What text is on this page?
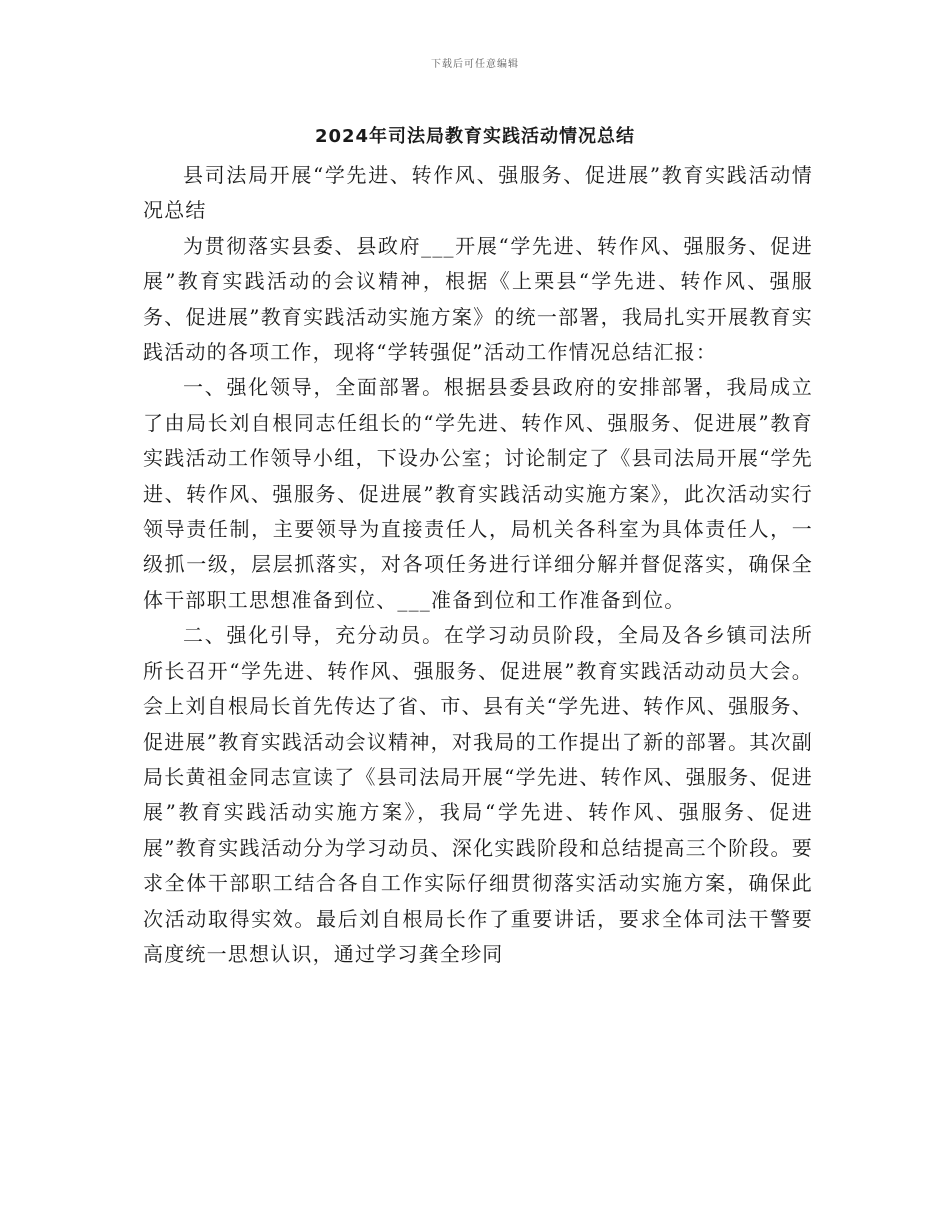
下载后可任意编辑
2024年司法局教育实践活动情况总结

县司法局开展“学先进、转作风、强服务、促进展”教育实践活动情况总结

为贯彻落实县委、县政府___开展“学先进、转作风、强服务、促进展”教育实践活动的会议精神，根据《上栗县“学先进、转作风、强服务、促进展”教育实践活动实施方案》的统一部署，我局扎实开展教育实践活动的各项工作，现将“学转强促”活动工作情况总结汇报：

一、强化领导，全面部署。根据县委县政府的安排部署，我局成立了由局长刘自根同志任组长的“学先进、转作风、强服务、促进展”教育实践活动工作领导小组，下设办公室；讨论制定了《县司法局开展“学先进、转作风、强服务、促进展”教育实践活动实施方案》，此次活动实行领导责任制，主要领导为直接责任人，局机关各科室为具体责任人，一级抓一级，层层抓落实，对各项任务进行详细分解并督促落实，确保全体干部职工思想准备到位、___准备到位和工作准备到位。

二、强化引导，充分动员。在学习动员阶段，全局及各乡镇司法所所长召开“学先进、转作风、强服务、促进展”教育实践活动动员大会。会上刘自根局长首先传达了省、市、县有关“学先进、转作风、强服务、促进展”教育实践活动会议精神，对我局的工作提出了新的部署。其次副局长黄祖金同志宣读了《县司法局开展“学先进、转作风、强服务、促进展”教育实践活动实施方案》，我局“学先进、转作风、强服务、促进展”教育实践活动分为学习动员、深化实践阶段和总结提高三个阶段。要求全体干部职工结合各自工作实际仔细贯彻落实活动实施方案，确保此次活动取得实效。最后刘自根局长作了重要讲话，要求全体司法干警要高度统一思想认识，通过学习龚全珍同
